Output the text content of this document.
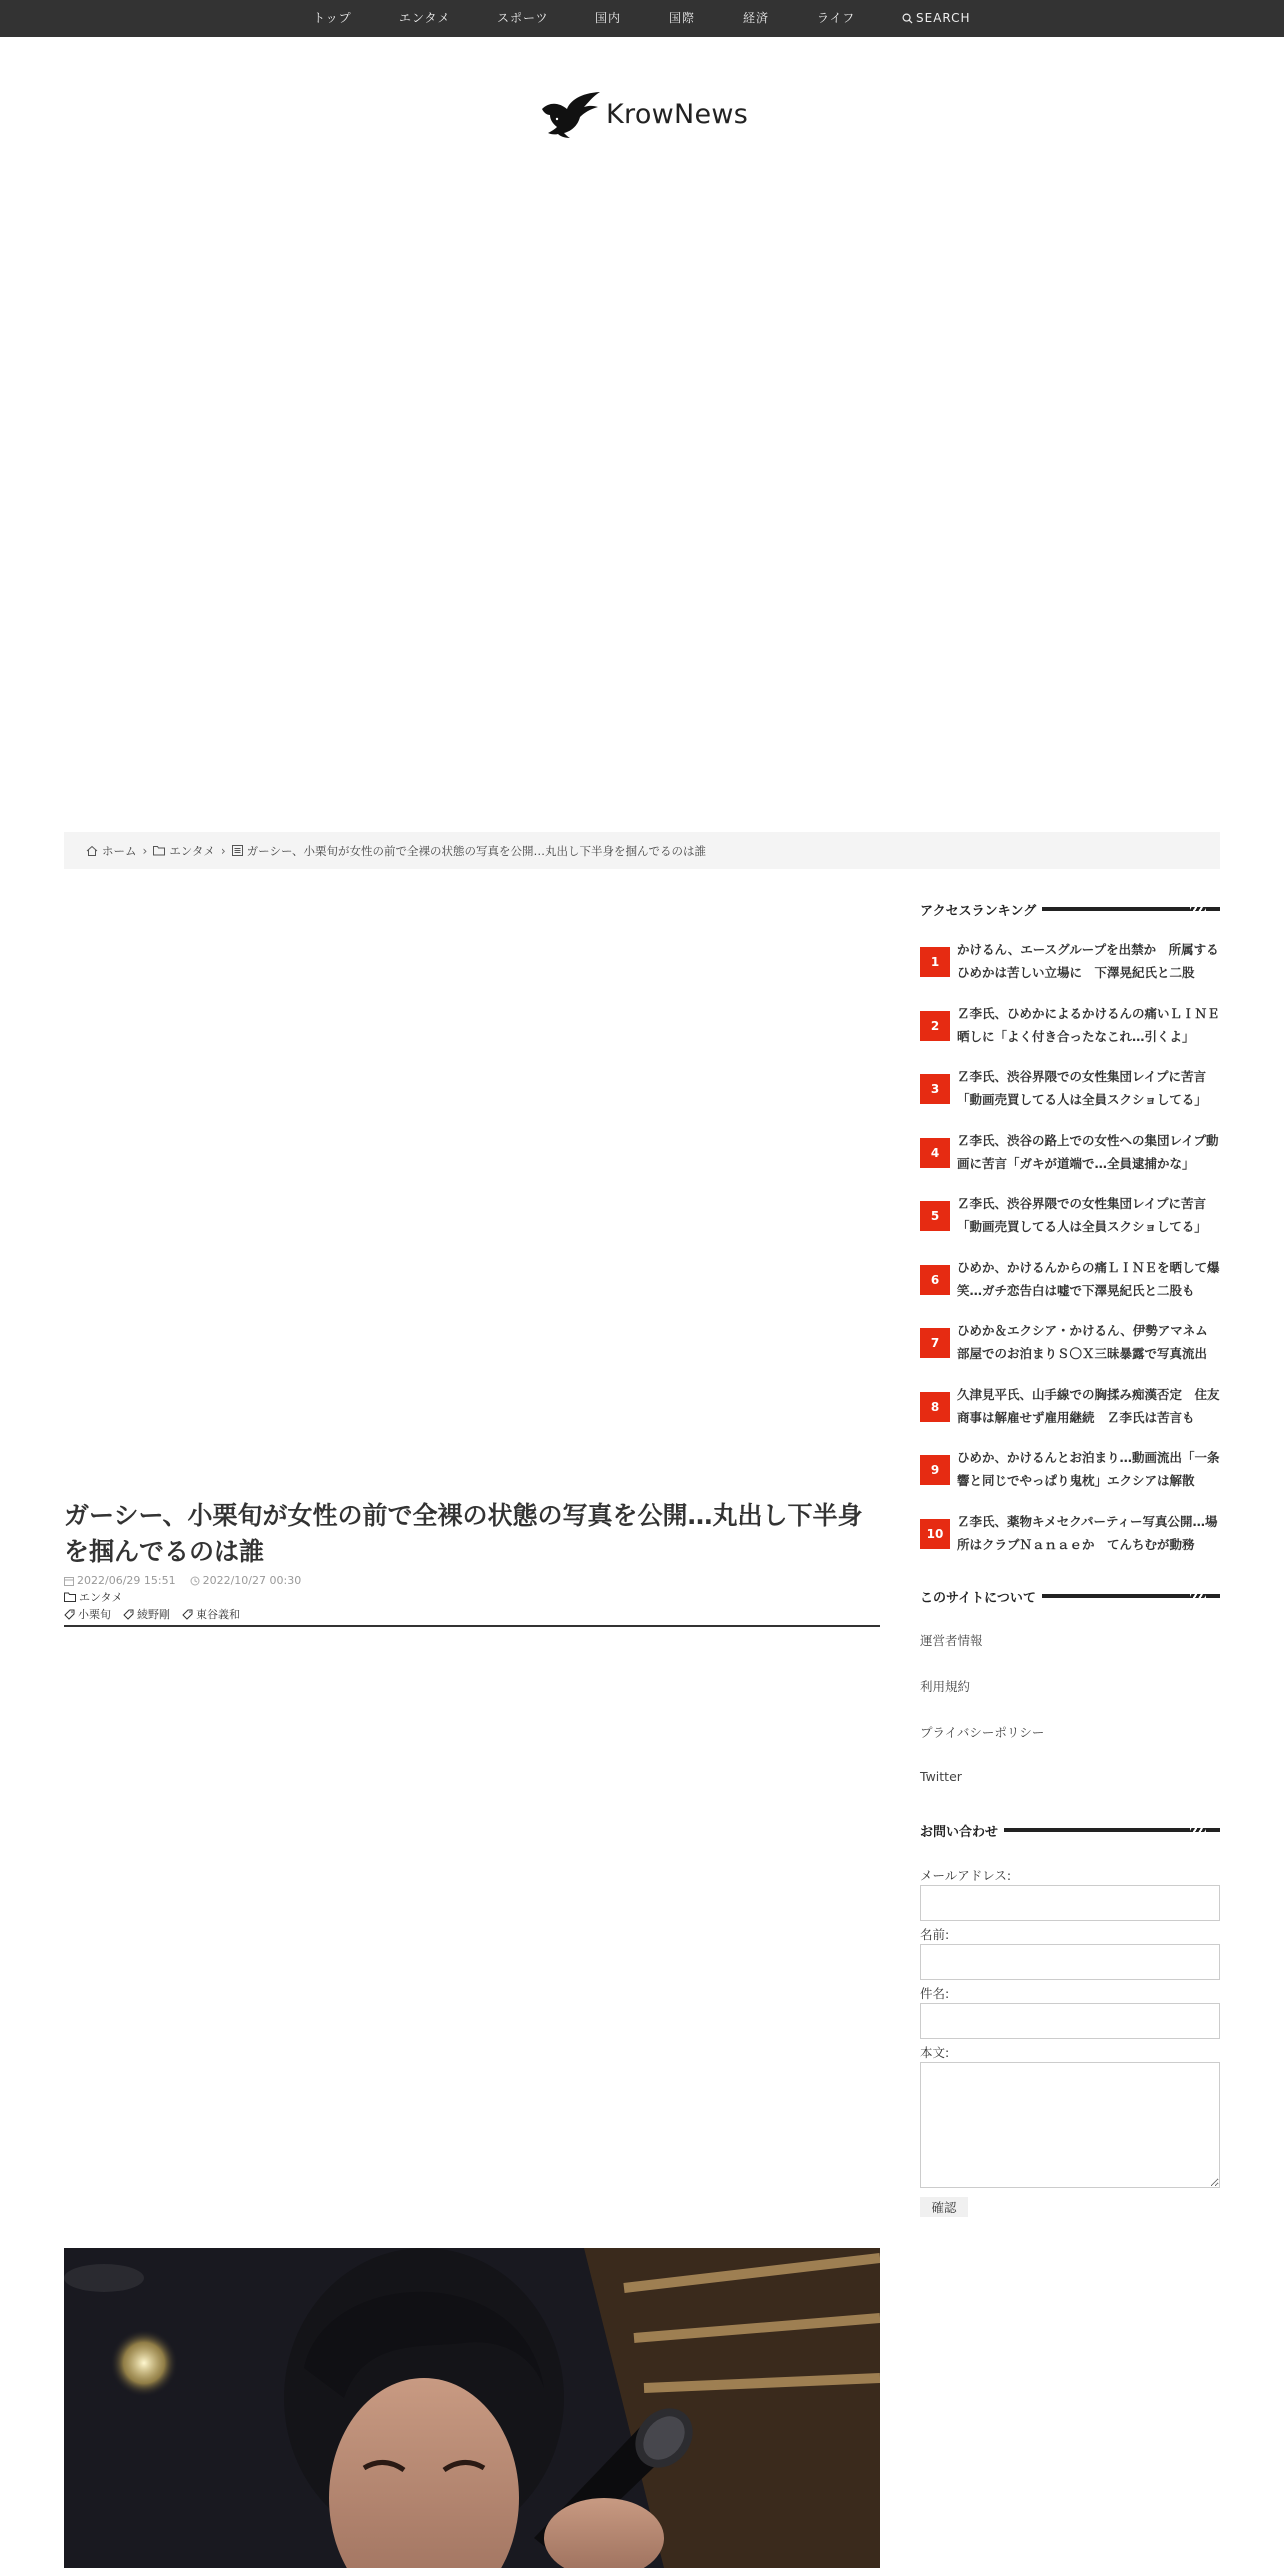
トップ	エンタメ	スポーツ	国内	国際	経済	ライフ	SEARCH
KrowNews
ホーム › エンタメ › ガーシー、小栗旬が女性の前で全裸の状態の写真を公開…丸出し下半身を掴んでるのは誰
ガーシー、小栗旬が女性の前で全裸の状態の写真を公開…丸出し下半身を掴んでるのは誰
2022/06/29 15:51 2022/10/27 00:30
エンタメ
小栗旬 綾野剛 東谷義和
アクセスランキング
1
かけるん、エースグループを出禁か　所属するひめかは苦しい立場に　下澤晃紀氏と二股
2
Ｚ李氏、ひめかによるかけるんの痛いＬＩＮＥ晒しに「よく付き合ったなこれ…引くよ」
3
Ｚ李氏、渋谷界隈での女性集団レイプに苦言「動画売買してる人は全員スクショしてる」
4
Ｚ李氏、渋谷の路上での女性への集団レイプ動画に苦言「ガキが道端で…全員逮捕かな」
5
Ｚ李氏、渋谷界隈での女性集団レイプに苦言「動画売買してる人は全員スクショしてる」
6
ひめか、かけるんからの痛ＬＩＮＥを晒して爆笑…ガチ恋告白は嘘で下澤晃紀氏と二股も
7
ひめか＆エクシア・かけるん、伊勢アマネム部屋でのお泊まりＳ〇Ｘ三昧暴露で写真流出
8
久津見平氏、山手線での胸揉み痴漢否定　住友商事は解雇せず雇用継続　Ｚ李氏は苦言も
9
ひめか、かけるんとお泊まり…動画流出「一条響と同じでやっぱり鬼枕」エクシアは解散
10
Ｚ李氏、薬物キメセクパーティー写真公開…場所はクラブＮａｎａｅか　てんちむが動務
このサイトについて
運営者情報
利用規約
プライバシーポリシー
Twitter
お問い合わせ
メールアドレス:
名前:
件名:
本文:
確認
